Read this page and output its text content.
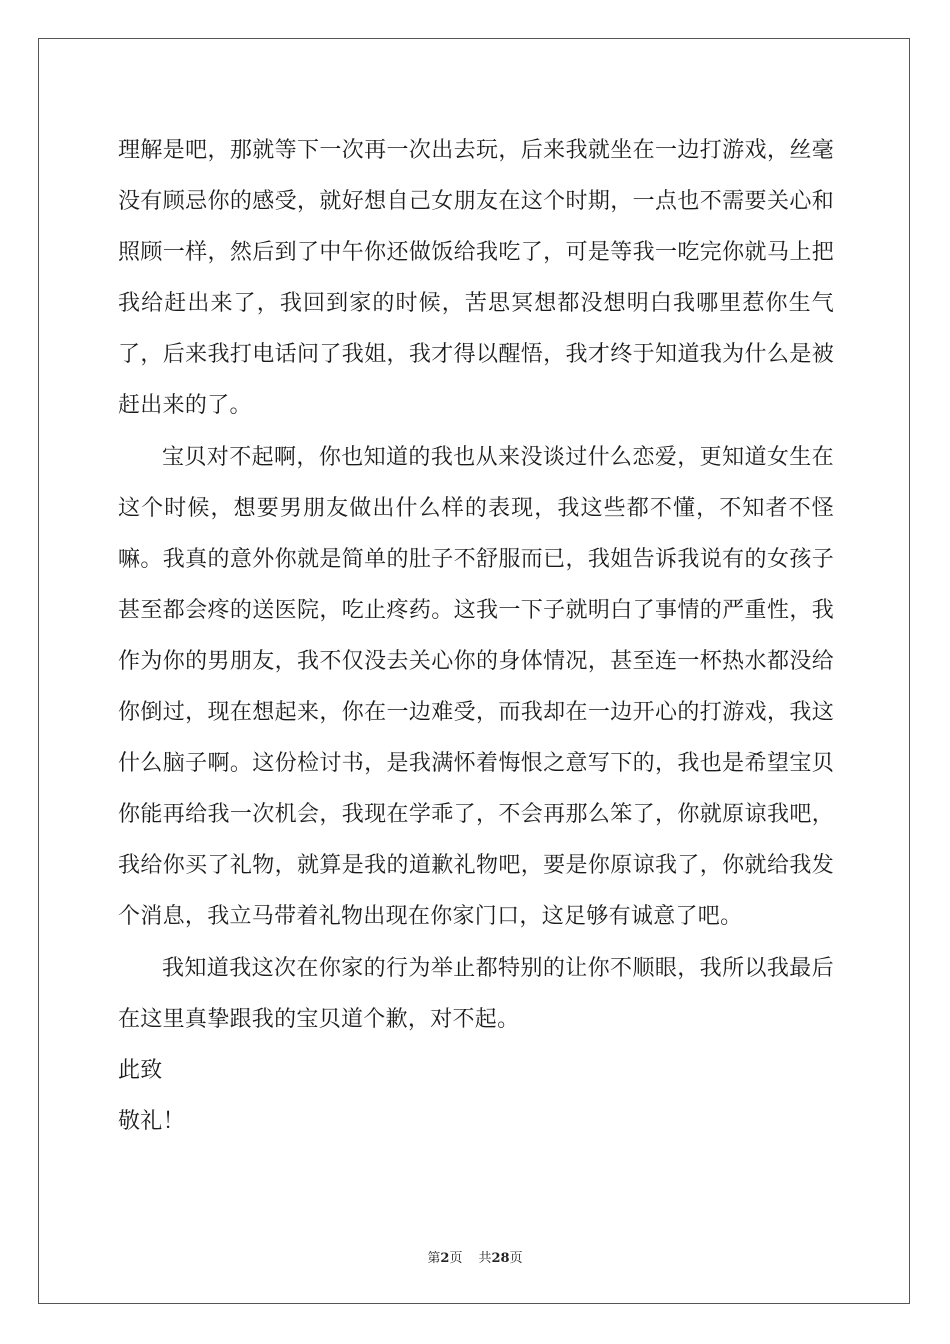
理解是吧，那就等下一次再一次出去玩，后来我就坐在一边打游戏，丝毫没有顾忌你的感受，就好想自己女朋友在这个时期，一点也不需要关心和照顾一样，然后到了中午你还做饭给我吃了，可是等我一吃完你就马上把我给赶出来了，我回到家的时候，苦思冥想都没想明白我哪里惹你生气了，后来我打电话问了我姐，我才得以醒悟，我才终于知道我为什么是被赶出来的了。

宝贝对不起啊，你也知道的我也从来没谈过什么恋爱，更知道女生在这个时候，想要男朋友做出什么样的表现，我这些都不懂，不知者不怪嘛。我真的意外你就是简单的肚子不舒服而已，我姐告诉我说有的女孩子甚至都会疼的送医院，吃止疼药。这我一下子就明白了事情的严重性，我作为你的男朋友，我不仅没去关心你的身体情况，甚至连一杯热水都没给你倒过，现在想起来，你在一边难受，而我却在一边开心的打游戏，我这什么脑子啊。这份检讨书，是我满怀着悔恨之意写下的，我也是希望宝贝你能再给我一次机会，我现在学乖了，不会再那么笨了，你就原谅我吧，我给你买了礼物，就算是我的道歉礼物吧，要是你原谅我了，你就给我发个消息，我立马带着礼物出现在你家门口，这足够有诚意了吧。

我知道我这次在你家的行为举止都特别的让你不顺眼，我所以我最后在这里真挚跟我的宝贝道个歉，对不起。

此致

敬礼！

第2页 共28页
